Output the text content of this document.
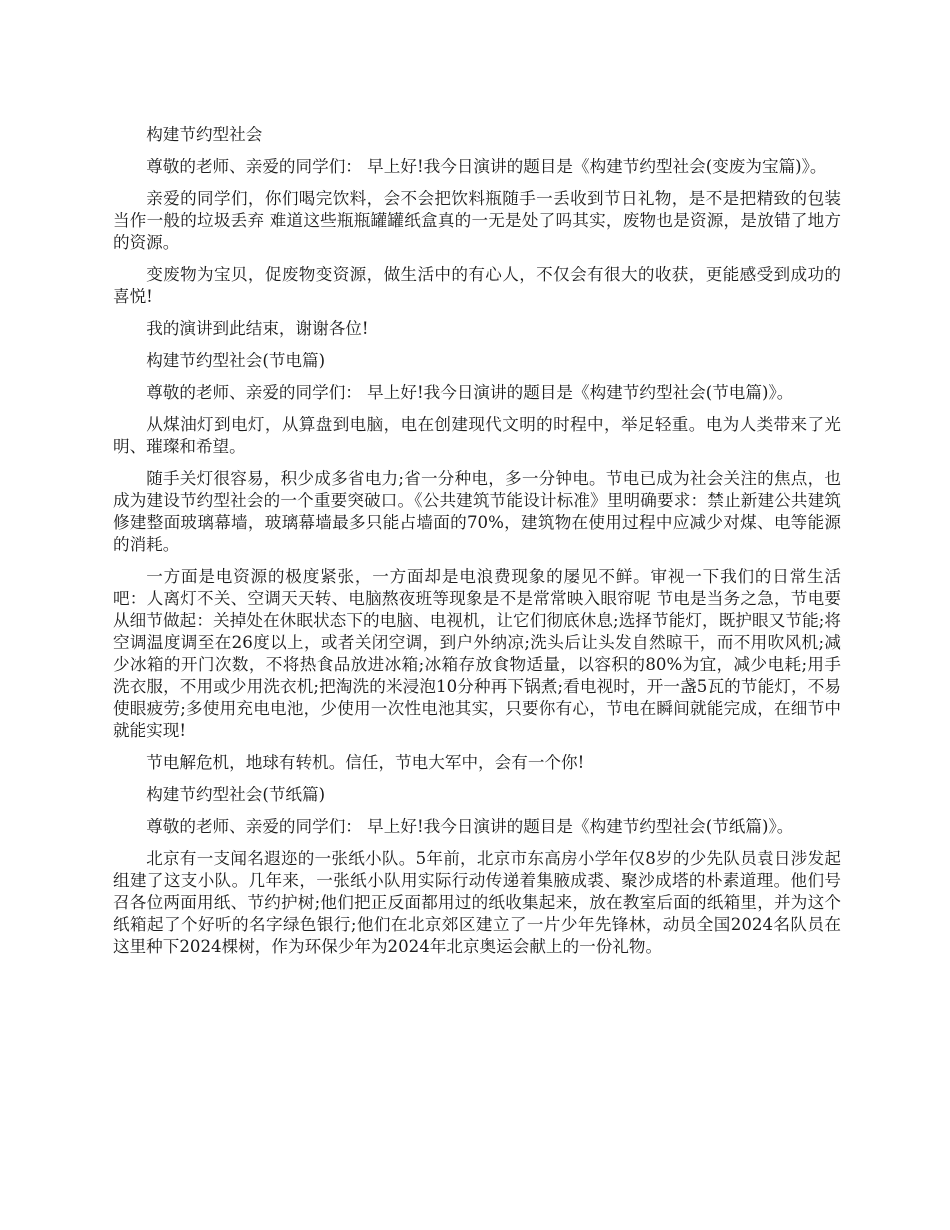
构建节约型社会

尊敬的老师、亲爱的同学们： 早上好!我今日演讲的题目是《构建节约型社会(变废为宝篇)》。

亲爱的同学们，你们喝完饮料，会不会把饮料瓶随手一丢收到节日礼物，是不是把精致的包装当作一般的垃圾丢弃 难道这些瓶瓶罐罐纸盒真的一无是处了吗其实，废物也是资源，是放错了地方的资源。

变废物为宝贝，促废物变资源，做生活中的有心人，不仅会有很大的收获，更能感受到成功的喜悦!

我的演讲到此结束，谢谢各位!

构建节约型社会(节电篇)

尊敬的老师、亲爱的同学们： 早上好!我今日演讲的题目是《构建节约型社会(节电篇)》。

从煤油灯到电灯，从算盘到电脑，电在创建现代文明的时程中，举足轻重。电为人类带来了光明、璀璨和希望。

随手关灯很容易，积少成多省电力;省一分种电，多一分钟电。节电已成为社会关注的焦点，也成为建设节约型社会的一个重要突破口。《公共建筑节能设计标准》里明确要求：禁止新建公共建筑修建整面玻璃幕墙，玻璃幕墙最多只能占墙面的70%，建筑物在使用过程中应减少对煤、电等能源的消耗。

一方面是电资源的极度紧张，一方面却是电浪费现象的屡见不鲜。审视一下我们的日常生活吧：人离灯不关、空调天天转、电脑熬夜班等现象是不是常常映入眼帘呢 节电是当务之急，节电要从细节做起：关掉处在休眠状态下的电脑、电视机，让它们彻底休息;选择节能灯，既护眼又节能;将空调温度调至在26度以上，或者关闭空调，到户外纳凉;洗头后让头发自然晾干，而不用吹风机;减少冰箱的开门次数，不将热食品放进冰箱;冰箱存放食物适量，以容积的80%为宜，减少电耗;用手洗衣服，不用或少用洗衣机;把淘洗的米浸泡10分种再下锅煮;看电视时，开一盏5瓦的节能灯，不易使眼疲劳;多使用充电电池，少使用一次性电池其实，只要你有心，节电在瞬间就能完成，在细节中就能实现!

节电解危机，地球有转机。信任，节电大军中，会有一个你!

构建节约型社会(节纸篇)

尊敬的老师、亲爱的同学们： 早上好!我今日演讲的题目是《构建节约型社会(节纸篇)》。

北京有一支闻名遐迩的一张纸小队。5年前，北京市东高房小学年仅8岁的少先队员袁日涉发起组建了这支小队。几年来，一张纸小队用实际行动传递着集腋成裘、聚沙成塔的朴素道理。他们号召各位两面用纸、节约护树;他们把正反面都用过的纸收集起来，放在教室后面的纸箱里，并为这个纸箱起了个好听的名字绿色银行;他们在北京郊区建立了一片少年先锋林，动员全国2024名队员在这里种下2024棵树，作为环保少年为2024年北京奥运会献上的一份礼物。
